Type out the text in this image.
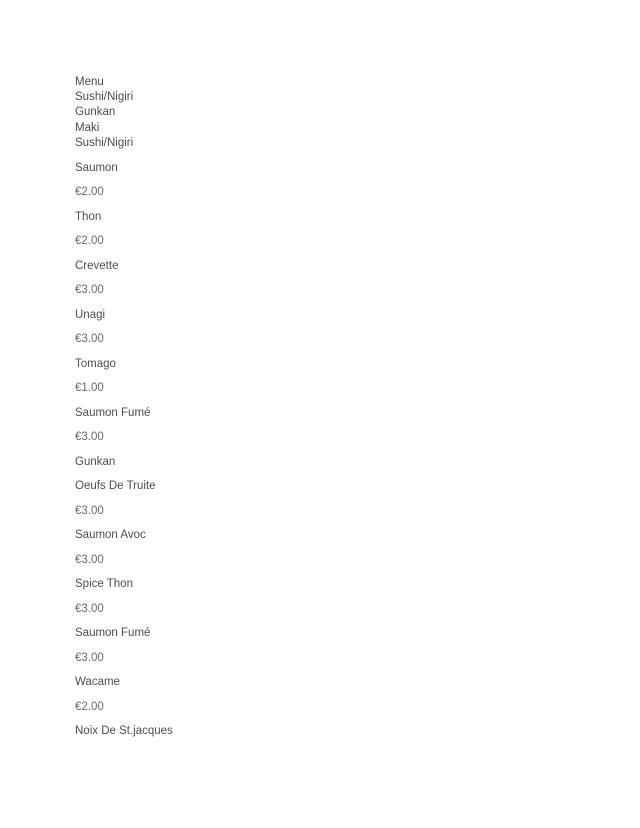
Menu
Sushi/Nigiri
Gunkan
Maki
Sushi/Nigiri
Saumon
€2.00
Thon
€2.00
Crevette
€3.00
Unagi
€3.00
Tomago
€1.00
Saumon Fumé
€3.00
Gunkan
Oeufs De Truite
€3.00
Saumon Avoc
€3.00
Spice Thon
€3.00
Saumon Fumé
€3.00
Wacame
€2.00
Noix De St.jacques
